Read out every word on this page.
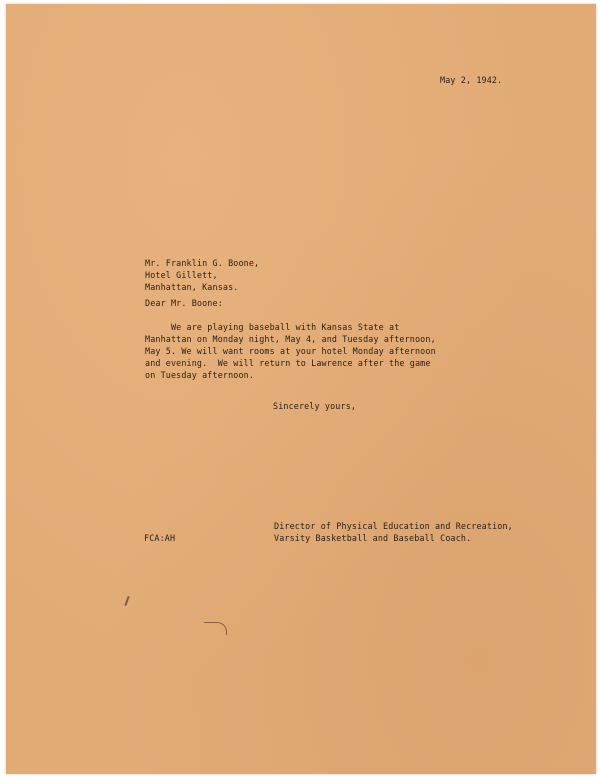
May 2, 1942.
Mr. Franklin G. Boone,
Hotel Gillett,
Manhattan, Kansas.
Dear Mr. Boone:
We are playing baseball with Kansas State at
Manhattan on Monday night, May 4, and Tuesday afternoon,
May 5. We will want rooms at your hotel Monday afternoon
and evening.  We will return to Lawrence after the game
on Tuesday afternoon.
Sincerely yours,
FCA:AH
Director of Physical Education and Recreation,
Varsity Basketball and Baseball Coach.
